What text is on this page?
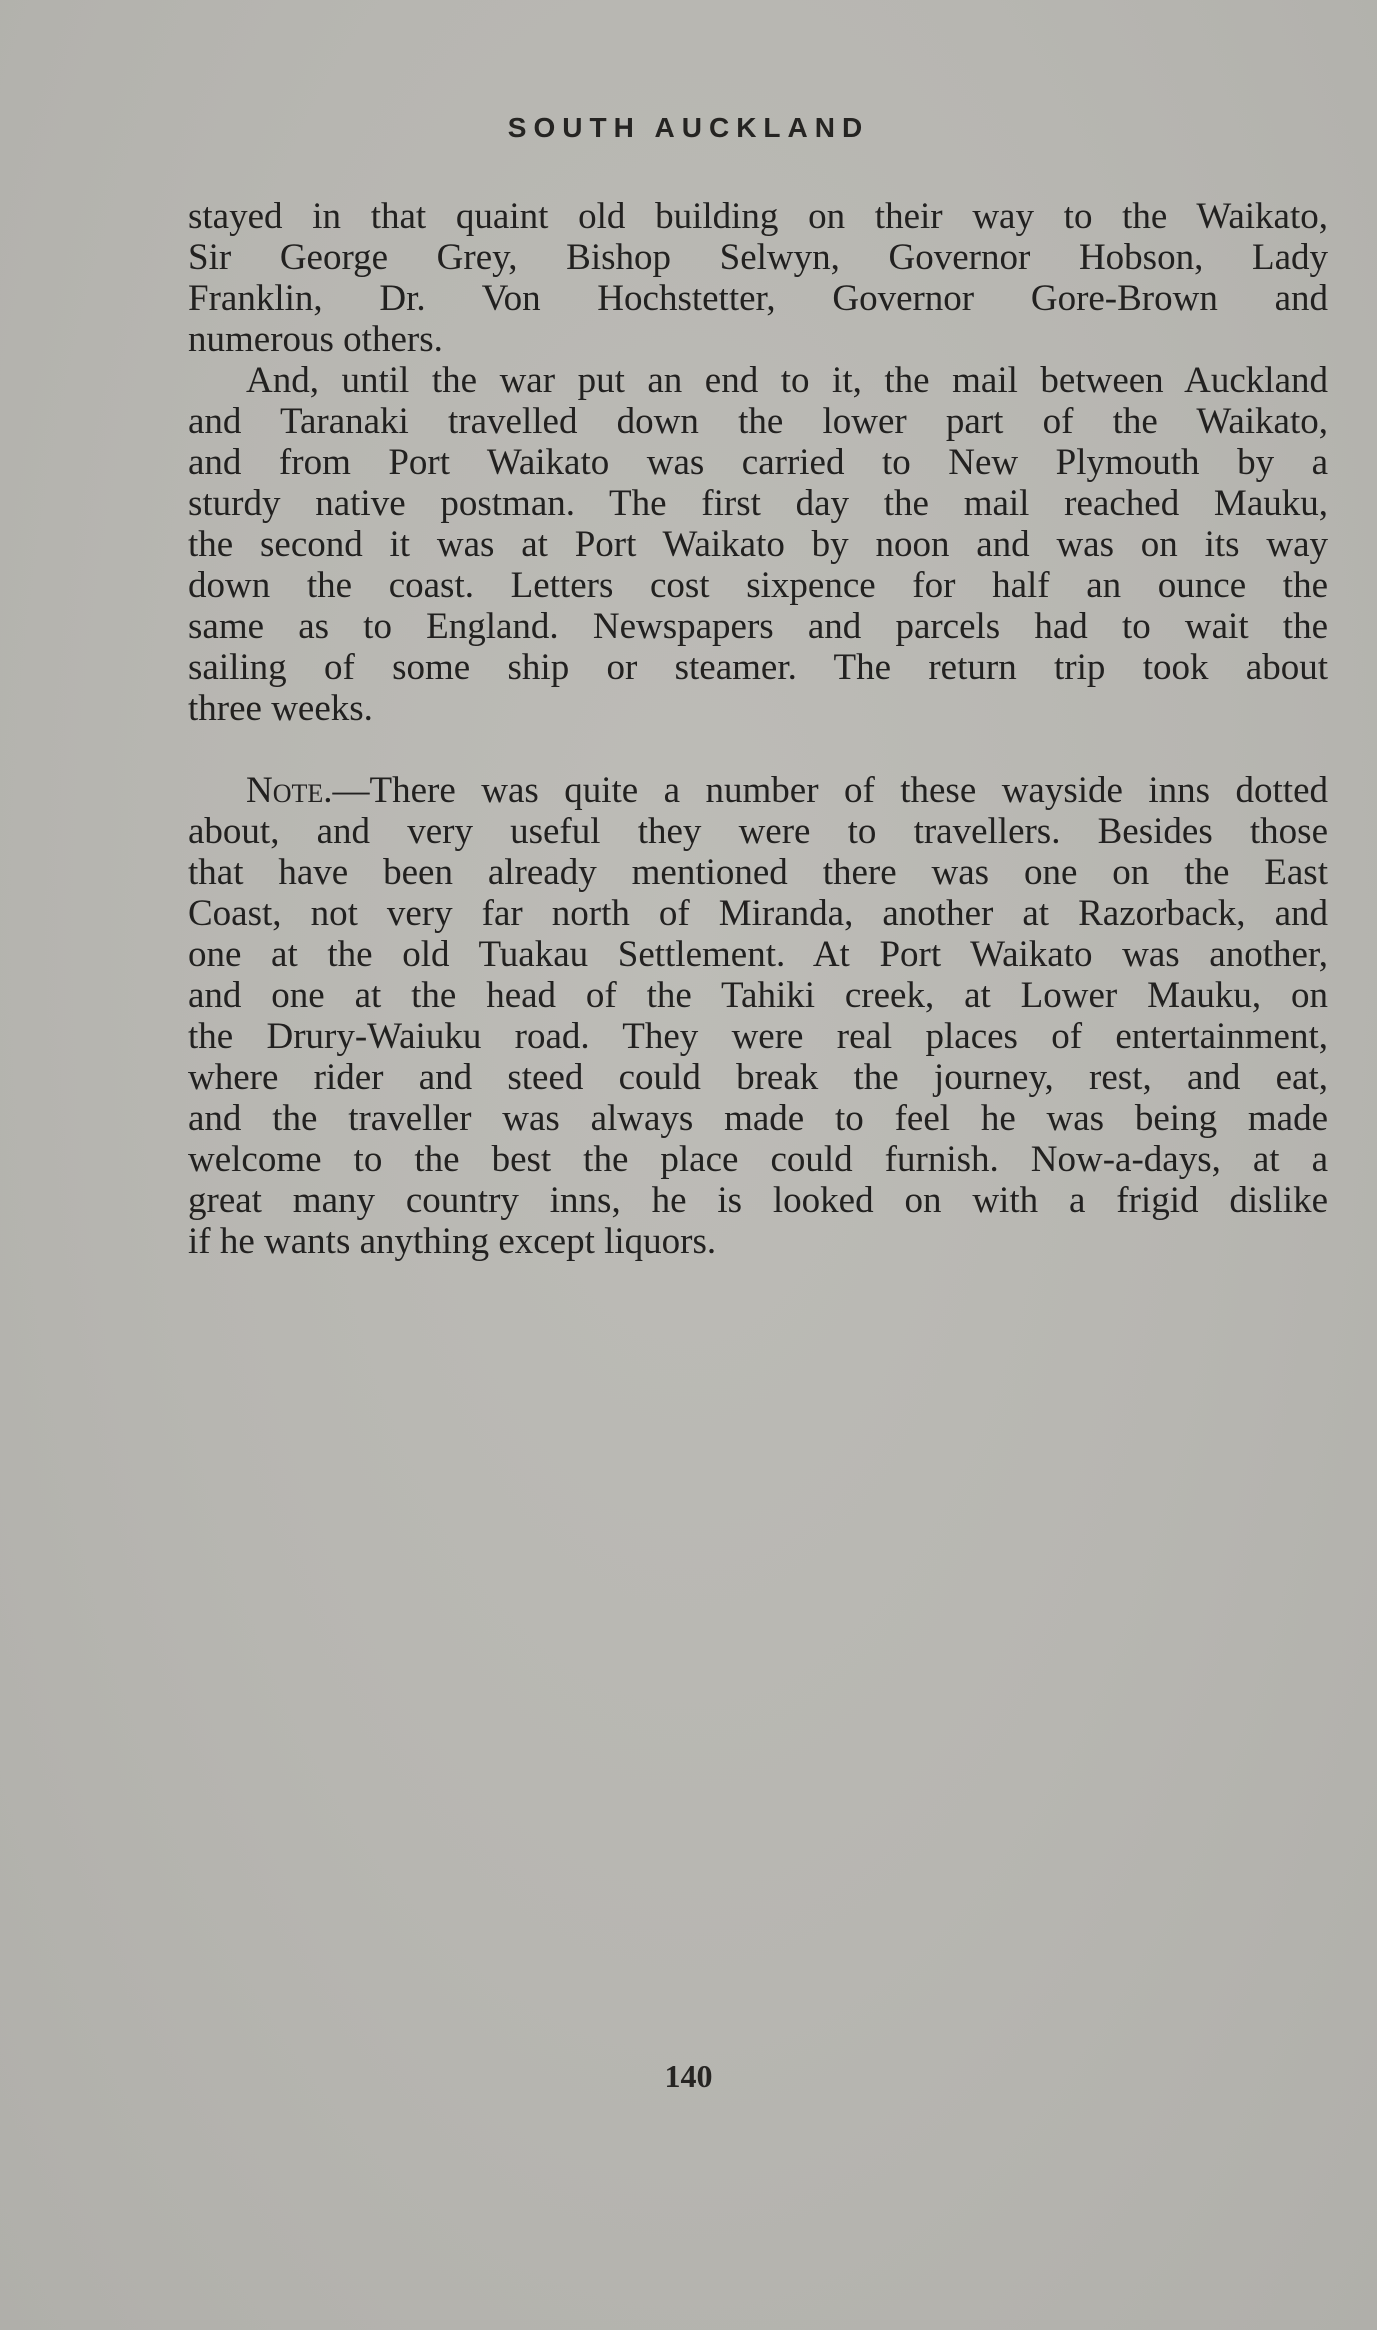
SOUTH AUCKLAND
stayed in that quaint old building on their way to the Waikato,
Sir George Grey, Bishop Selwyn, Governor Hobson, Lady
Franklin, Dr. Von Hochstetter, Governor Gore-Brown and
numerous others.
And, until the war put an end to it, the mail between Auckland
and Taranaki travelled down the lower part of the Waikato,
and from Port Waikato was carried to New Plymouth by a
sturdy native postman. The first day the mail reached Mauku,
the second it was at Port Waikato by noon and was on its way
down the coast. Letters cost sixpence for half an ounce the
same as to England. Newspapers and parcels had to wait the
sailing of some ship or steamer. The return trip took about
three weeks.
Note.—There was quite a number of these wayside inns dotted
about, and very useful they were to travellers. Besides those
that have been already mentioned there was one on the East
Coast, not very far north of Miranda, another at Razorback, and
one at the old Tuakau Settlement. At Port Waikato was another,
and one at the head of the Tahiki creek, at Lower Mauku, on
the Drury-Waiuku road. They were real places of entertainment,
where rider and steed could break the journey, rest, and eat,
and the traveller was always made to feel he was being made
welcome to the best the place could furnish. Now-a-days, at a
great many country inns, he is looked on with a frigid dislike
if he wants anything except liquors.
140
